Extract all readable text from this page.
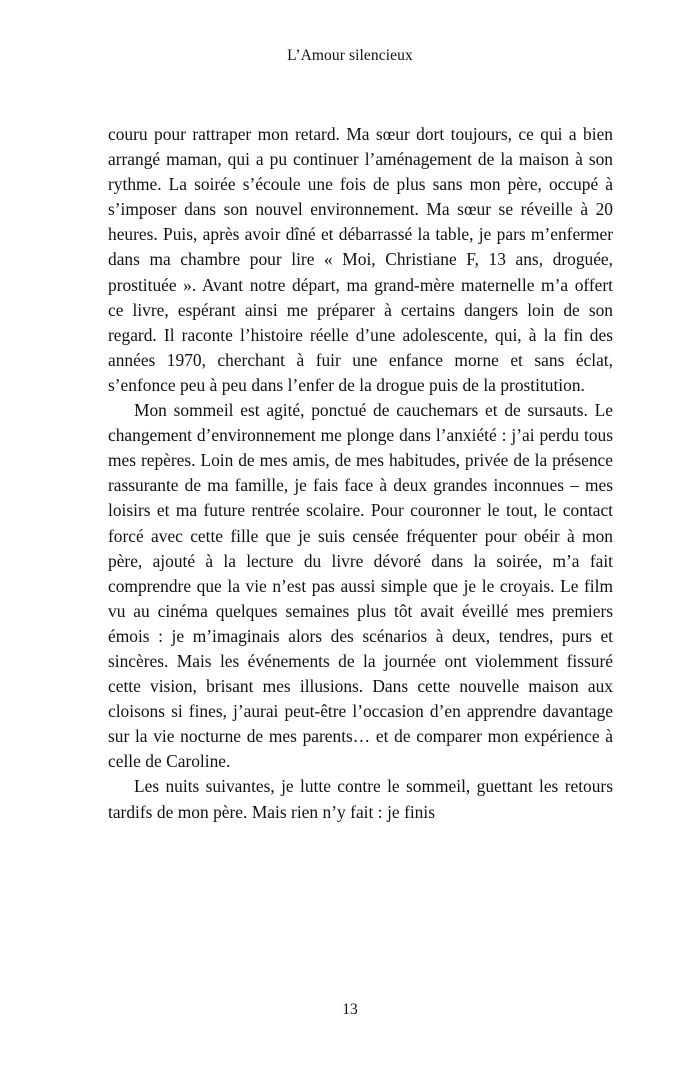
L’Amour silencieux

couru pour rattraper mon retard. Ma sœur dort toujours, ce qui a bien arrangé maman, qui a pu continuer l’aménagement de la maison à son rythme. La soirée s’écoule une fois de plus sans mon père, occupé à s’imposer dans son nouvel environnement. Ma sœur se réveille à 20 heures. Puis, après avoir dîné et débarrassé la table, je pars m’enfermer dans ma chambre pour lire « Moi, Christiane F, 13 ans, droguée, prostituée ». Avant notre départ, ma grand-mère maternelle m’a offert ce livre, espérant ainsi me préparer à certains dangers loin de son regard. Il raconte l’histoire réelle d’une adolescente, qui, à la fin des années 1970, cherchant à fuir une enfance morne et sans éclat, s’enfonce peu à peu dans l’enfer de la drogue puis de la prostitution.

Mon sommeil est agité, ponctué de cauchemars et de sursauts. Le changement d’environnement me plonge dans l’anxiété : j’ai perdu tous mes repères. Loin de mes amis, de mes habitudes, privée de la présence rassurante de ma famille, je fais face à deux grandes inconnues – mes loisirs et ma future rentrée scolaire. Pour couronner le tout, le contact forcé avec cette fille que je suis censée fréquenter pour obéir à mon père, ajouté à la lecture du livre dévoré dans la soirée, m’a fait comprendre que la vie n’est pas aussi simple que je le croyais. Le film vu au cinéma quelques semaines plus tôt avait éveillé mes premiers émois : je m’imaginais alors des scénarios à deux, tendres, purs et sincères. Mais les événements de la journée ont violemment fissuré cette vision, brisant mes illusions. Dans cette nouvelle maison aux cloisons si fines, j’aurai peut-être l’occasion d’en apprendre davantage sur la vie nocturne de mes parents… et de comparer mon expérience à celle de Caroline.

Les nuits suivantes, je lutte contre le sommeil, guettant les retours tardifs de mon père. Mais rien n’y fait : je finis

13
